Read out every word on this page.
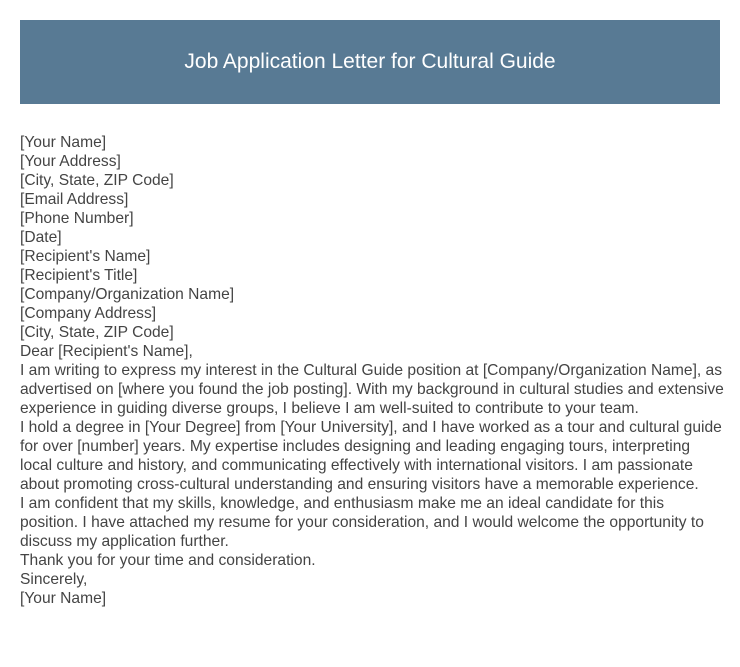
Job Application Letter for Cultural Guide
[Your Name]
[Your Address]
[City, State, ZIP Code]
[Email Address]
[Phone Number]
[Date]
[Recipient's Name]
[Recipient's Title]
[Company/Organization Name]
[Company Address]
[City, State, ZIP Code]
Dear [Recipient's Name],
I am writing to express my interest in the Cultural Guide position at [Company/Organization Name], as advertised on [where you found the job posting]. With my background in cultural studies and extensive experience in guiding diverse groups, I believe I am well-suited to contribute to your team.
I hold a degree in [Your Degree] from [Your University], and I have worked as a tour and cultural guide for over [number] years. My expertise includes designing and leading engaging tours, interpreting local culture and history, and communicating effectively with international visitors. I am passionate about promoting cross-cultural understanding and ensuring visitors have a memorable experience.
I am confident that my skills, knowledge, and enthusiasm make me an ideal candidate for this position. I have attached my resume for your consideration, and I would welcome the opportunity to discuss my application further.
Thank you for your time and consideration.
Sincerely,
[Your Name]
